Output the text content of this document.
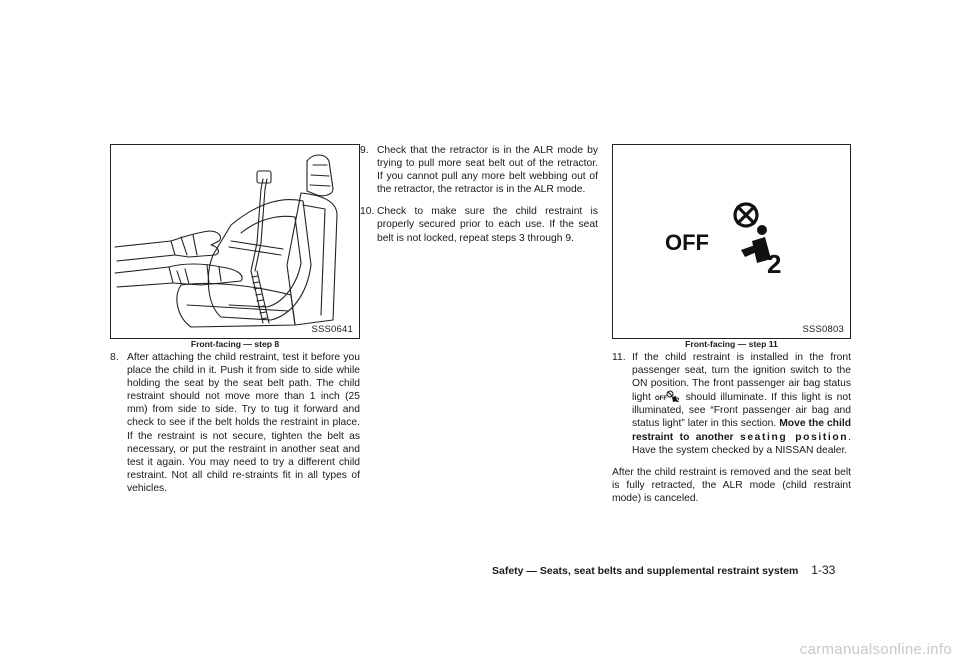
SSS0641
Front-facing — step 8
8. After attaching the child restraint, test it before you place the child in it. Push it from side to side while holding the seat by the seat belt path. The child restraint should not move more than 1 inch (25 mm) from side to side. Try to tug it forward and check to see if the belt holds the restraint in place. If the restraint is not secure, tighten the belt as necessary, or put the restraint in another seat and test it again. You may need to try a different child restraint. Not all child re-straints fit in all types of vehicles.
9. Check that the retractor is in the ALR mode by trying to pull more seat belt out of the retractor. If you cannot pull any more belt webbing out of the retractor, the retractor is in the ALR mode.
10. Check to make sure the child restraint is properly secured prior to each use. If the seat belt is not locked, repeat steps 3 through 9.	OFF
2
SSS0803
Front-facing — step 11
11. If the child restraint is installed in the front passenger seat, turn the ignition switch to the ON position. The front passenger air bag status light OFF 2 should illuminate. If this light is not illuminated, see “Front passenger air bag and status light” later in this section. Move the child restraint to another seating position. Have the system checked by a NISSAN dealer.

After the child restraint is removed and the seat belt is fully retracted, the ALR mode (child restraint mode) is canceled.

Safety — Seats, seat belts and supplemental restraint system 1-33
carmanualsonline.info
